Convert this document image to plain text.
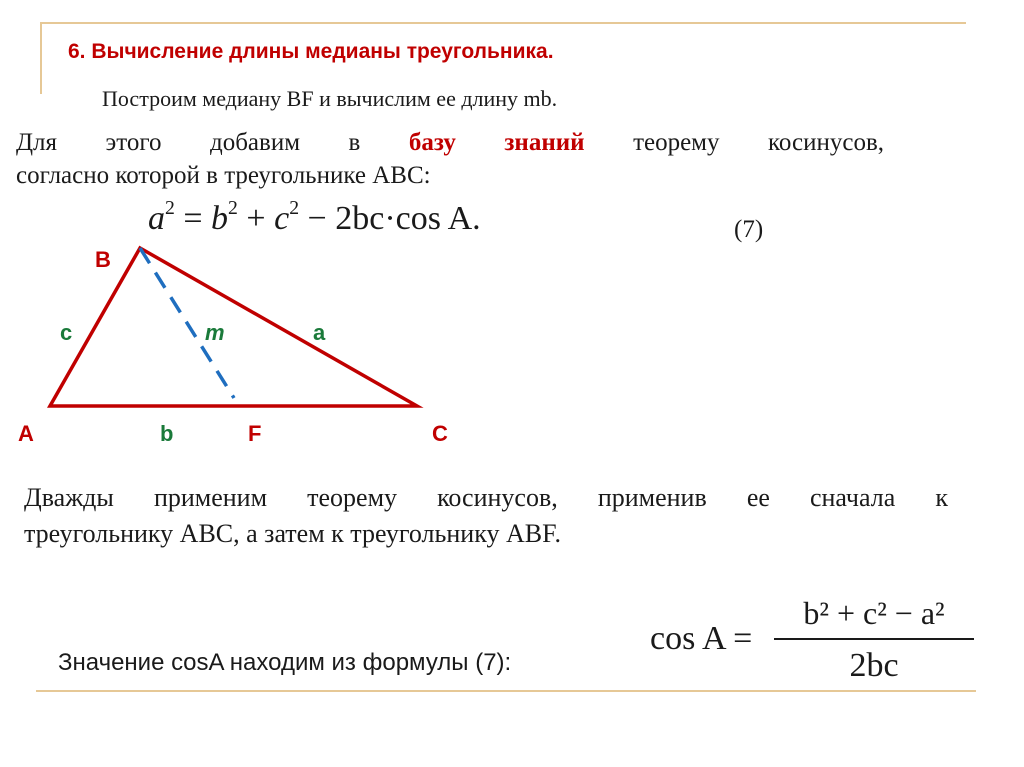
6. Вычисление длины медианы треугольника.
Построим медиану BF и вычислим ее длину mb.
Для этого добавим в базу знаний теорему косинусов,
согласно которой в треугольнике ABC:
$a^2 = b^2 + c^2 - 2bc\cdot\cos$ A.	(7)
B
A	F	C
c	m	a
b
Дважды применим теорему косинусов, применив ее сначала к
треугольнику ABC, а затем к треугольнику ABF.
Значение cosA находим из формулы (7):
cos A =
b² + c² − a²
2bc
